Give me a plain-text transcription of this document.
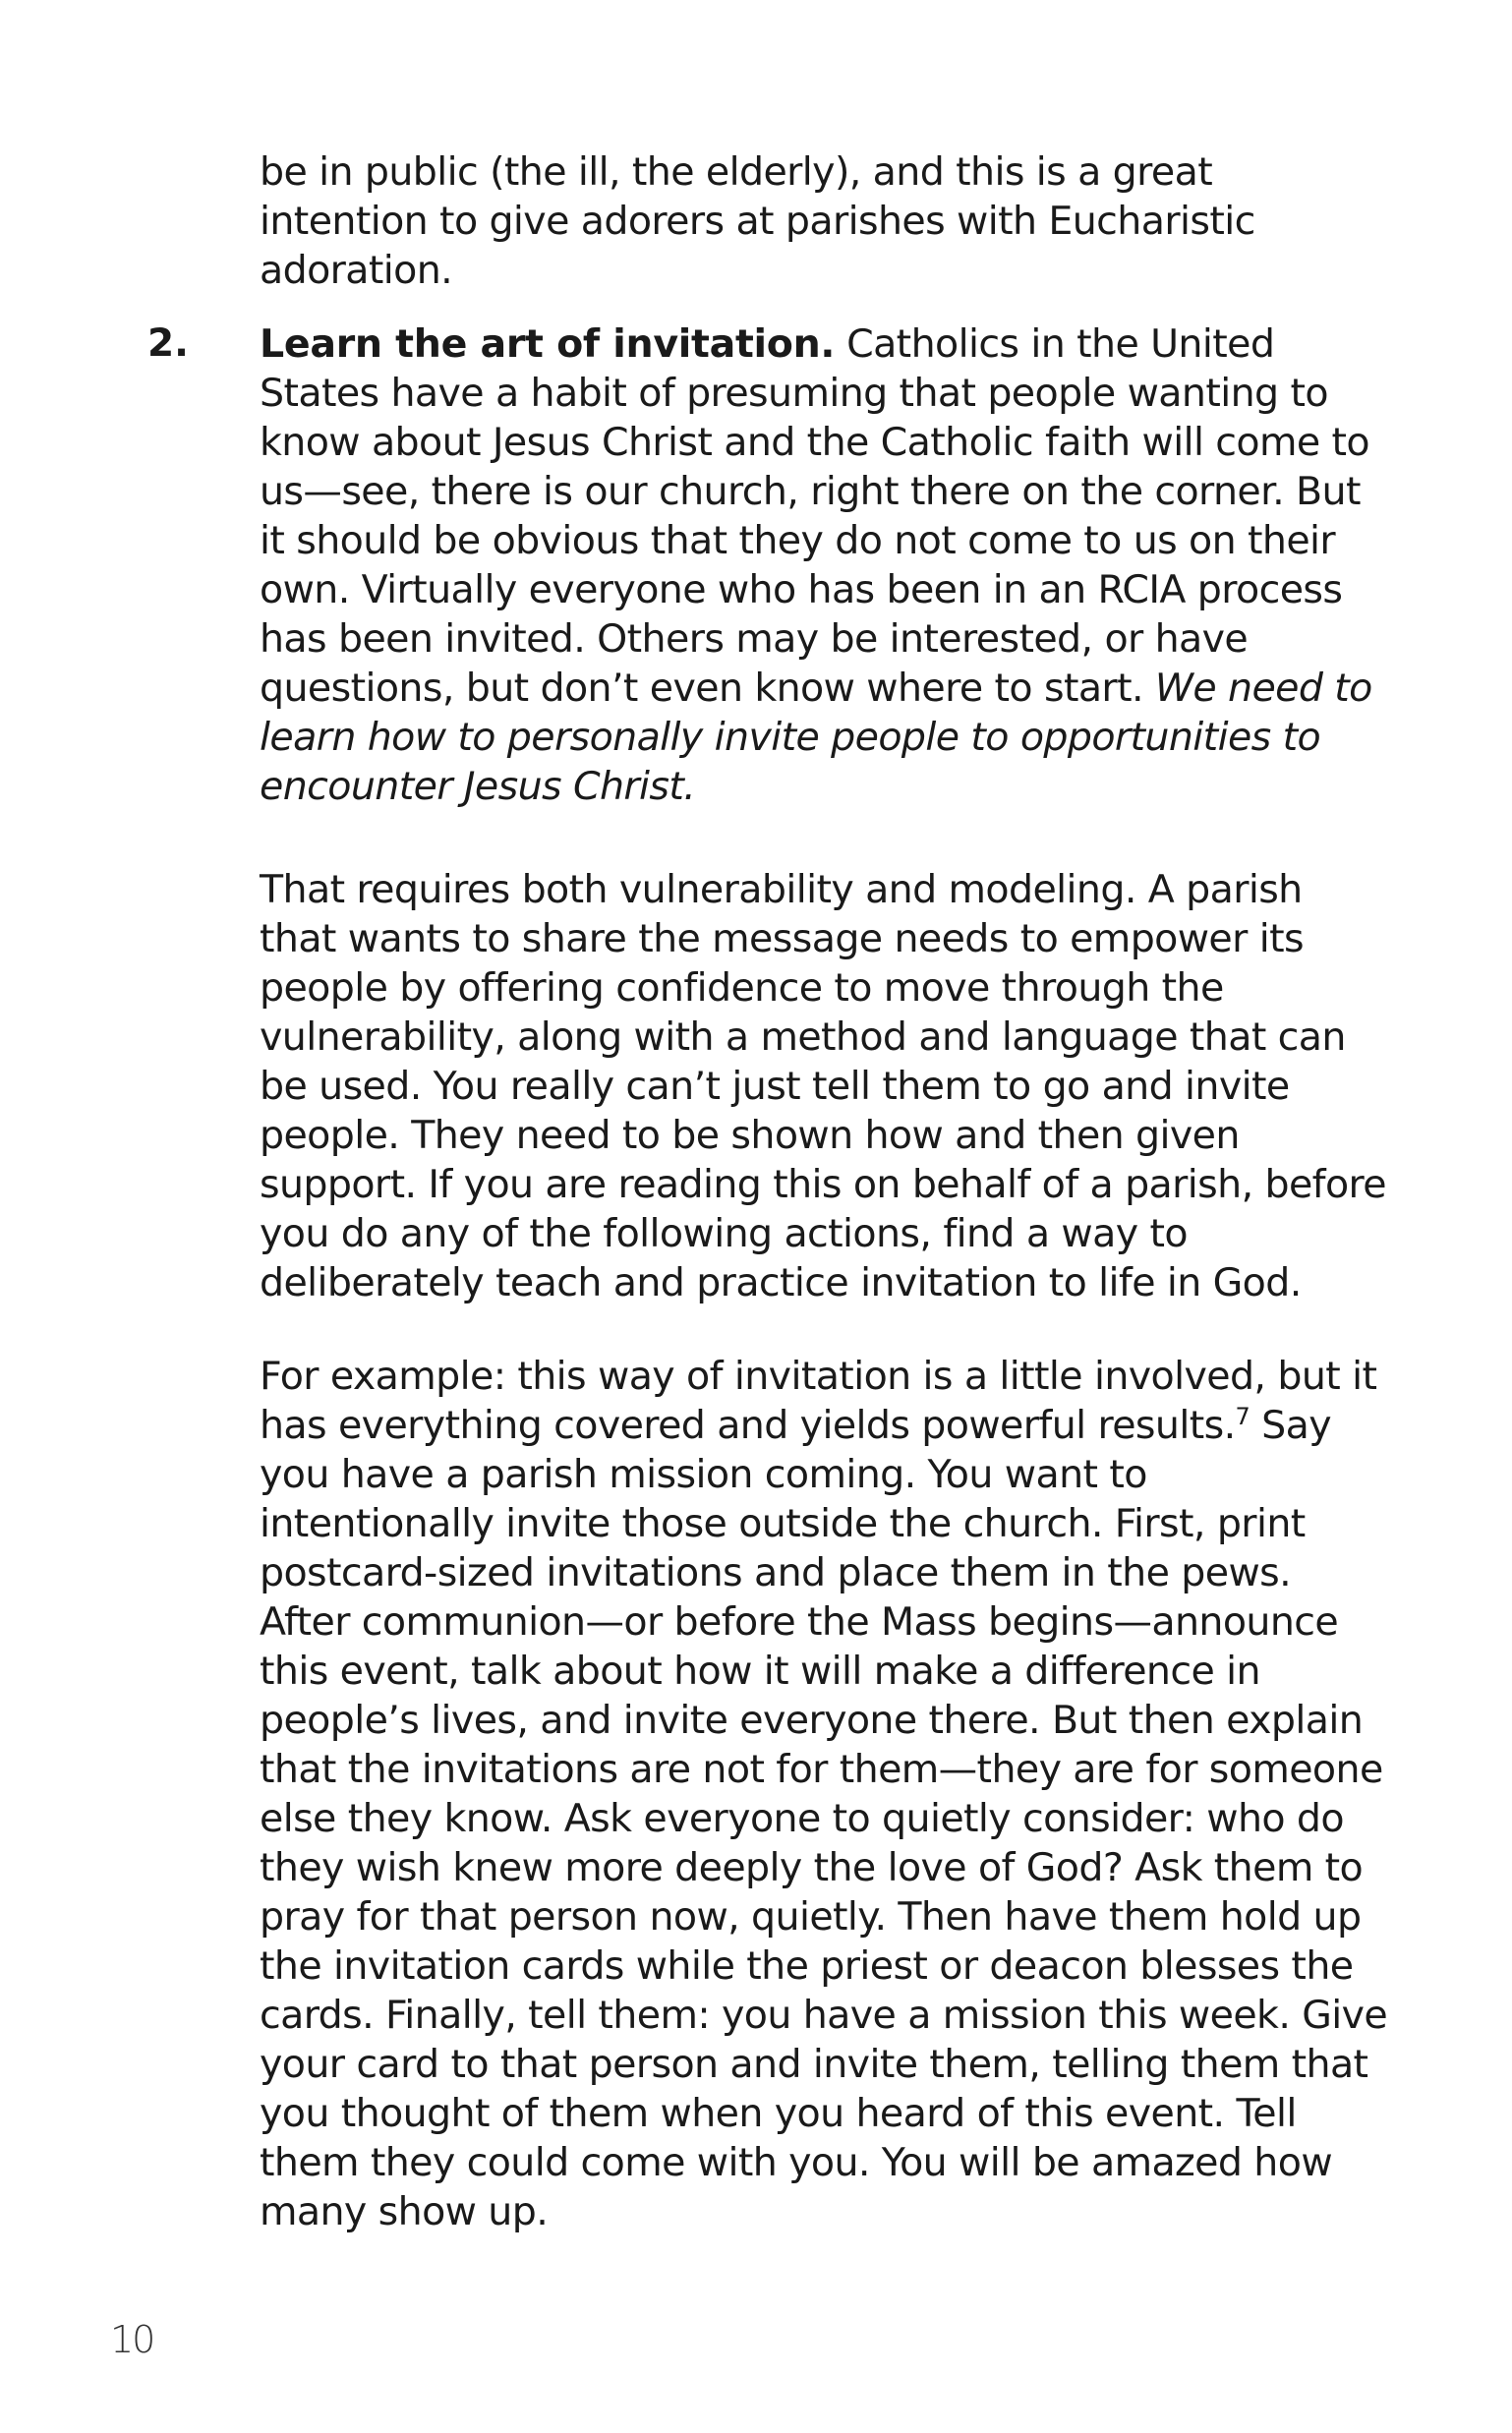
be in public (the ill, the elderly), and this is a great intention to give adorers at parishes with Eucharistic adoration.

2. Learn the art of invitation. Catholics in the United States have a habit of presuming that people wanting to know about Jesus Christ and the Catholic faith will come to us—see, there is our church, right there on the corner. But it should be obvious that they do not come to us on their own. Virtually everyone who has been in an RCIA process has been invited. Others may be interested, or have questions, but don’t even know where to start. We need to learn how to personally invite people to opportunities to encounter Jesus Christ.

That requires both vulnerability and modeling. A parish that wants to share the message needs to empower its people by offering confidence to move through the vulnerability, along with a method and language that can be used. You really can’t just tell them to go and invite people. They need to be shown how and then given support. If you are reading this on behalf of a parish, before you do any of the following actions, find a way to deliberately teach and practice invitation to life in God.

For example: this way of invitation is a little involved, but it has everything covered and yields powerful results.$^7$ Say you have a parish mission coming. You want to intentionally invite those outside the church. First, print postcard-sized invitations and place them in the pews. After communion—or before the Mass begins—announce this event, talk about how it will make a difference in people’s lives, and invite everyone there. But then explain that the invitations are not for them—they are for someone else they know. Ask everyone to quietly consider: who do they wish knew more deeply the love of God? Ask them to pray for that person now, quietly. Then have them hold up the invitation cards while the priest or deacon blesses the cards. Finally, tell them: you have a mission this week. Give your card to that person and invite them, telling them that you thought of them when you heard of this event. Tell them they could come with you. You will be amazed how many show up.

10
